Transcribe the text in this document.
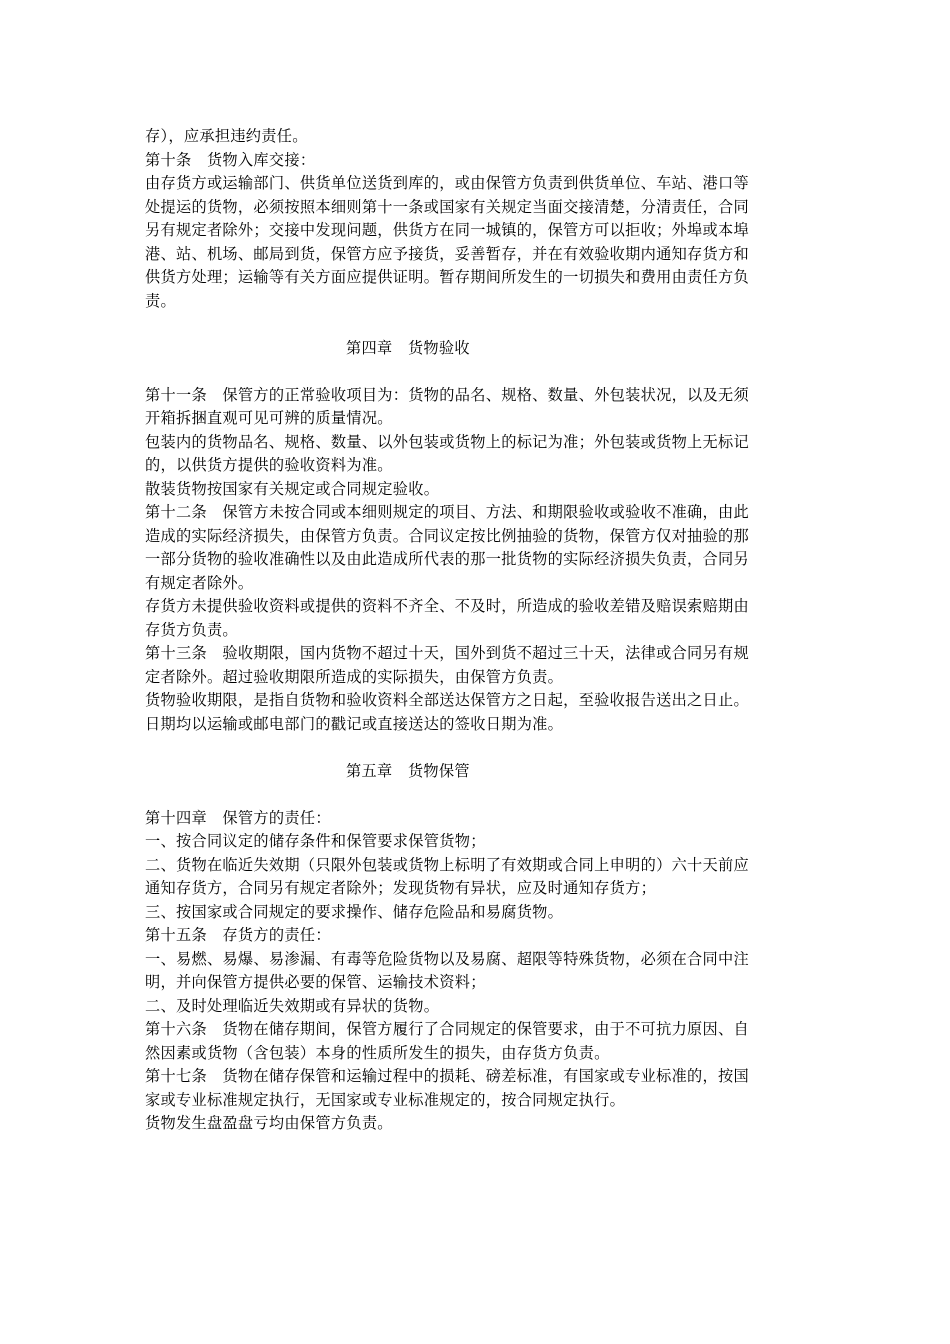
存），应承担违约责任。
第十条　货物入库交接：
由存货方或运输部门、供货单位送货到库的，或由保管方负责到供货单位、车站、港口等
处提运的货物，必须按照本细则第十一条或国家有关规定当面交接清楚，分清责任，合同
另有规定者除外；交接中发现问题，供货方在同一城镇的，保管方可以拒收；外埠或本埠
港、站、机场、邮局到货，保管方应予接货，妥善暂存，并在有效验收期内通知存货方和
供货方处理；运输等有关方面应提供证明。暂存期间所发生的一切损失和费用由责任方负
责。
第四章　货物验收
第十一条　保管方的正常验收项目为：货物的品名、规格、数量、外包装状况，以及无须
开箱拆捆直观可见可辨的质量情况。
包装内的货物品名、规格、数量、以外包装或货物上的标记为准；外包装或货物上无标记
的，以供货方提供的验收资料为准。
散装货物按国家有关规定或合同规定验收。
第十二条　保管方未按合同或本细则规定的项目、方法、和期限验收或验收不准确，由此
造成的实际经济损失，由保管方负责。合同议定按比例抽验的货物，保管方仅对抽验的那
一部分货物的验收准确性以及由此造成所代表的那一批货物的实际经济损失负责，合同另
有规定者除外。
存货方未提供验收资料或提供的资料不齐全、不及时，所造成的验收差错及赔误索赔期由
存货方负责。
第十三条　验收期限，国内货物不超过十天，国外到货不超过三十天，法律或合同另有规
定者除外。超过验收期限所造成的实际损失，由保管方负责。
货物验收期限，是指自货物和验收资料全部送达保管方之日起，至验收报告送出之日止。
日期均以运输或邮电部门的戳记或直接送达的签收日期为准。
第五章　货物保管
第十四章　保管方的责任：
一、按合同议定的储存条件和保管要求保管货物；
二、货物在临近失效期（只限外包装或货物上标明了有效期或合同上申明的）六十天前应
通知存货方，合同另有规定者除外；发现货物有异状，应及时通知存货方；
三、按国家或合同规定的要求操作、储存危险品和易腐货物。
第十五条　存货方的责任：
一、易燃、易爆、易渗漏、有毒等危险货物以及易腐、超限等特殊货物，必须在合同中注
明，并向保管方提供必要的保管、运输技术资料；
二、及时处理临近失效期或有异状的货物。
第十六条　货物在储存期间，保管方履行了合同规定的保管要求，由于不可抗力原因、自
然因素或货物（含包装）本身的性质所发生的损失，由存货方负责。
第十七条　货物在储存保管和运输过程中的损耗、磅差标准，有国家或专业标准的，按国
家或专业标准规定执行，无国家或专业标准规定的，按合同规定执行。
货物发生盘盈盘亏均由保管方负责。
